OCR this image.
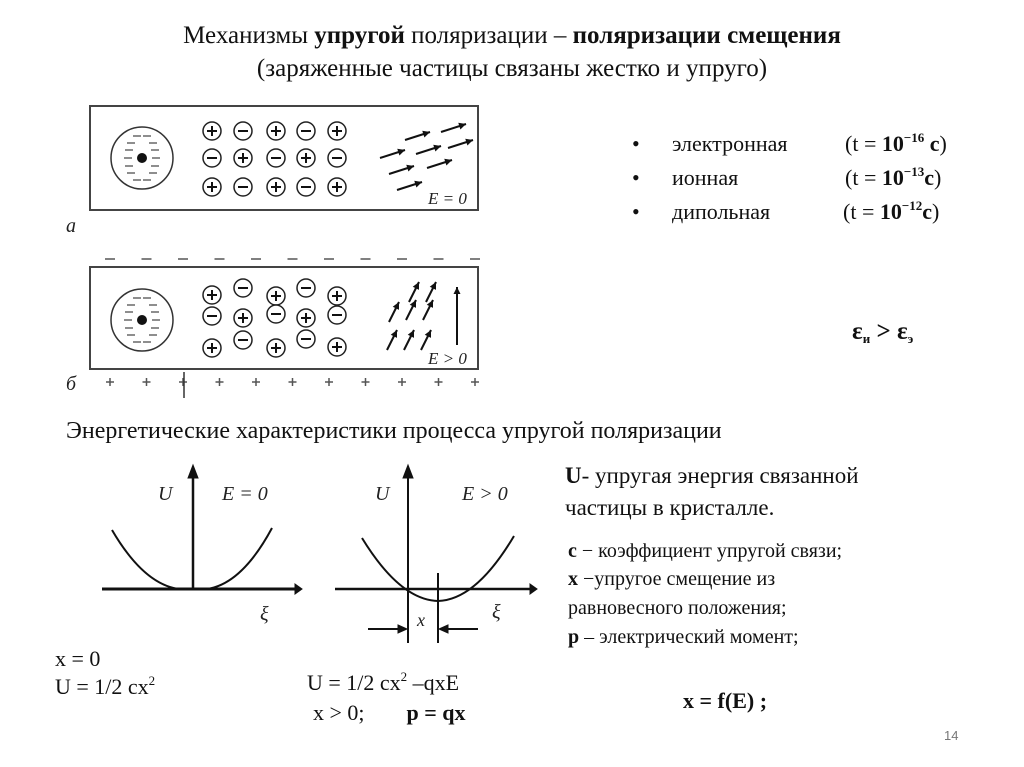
Механизмы упругой поляризации – поляризации смещения
(заряженные частицы связаны жестко и упруго)
a
б
E = 0
E > 0
U E = 0
ξ
U	E > 0
ξ
x
• электронная	($t = 10^{-16}$ с)
• ионная	$(t = 10^{-13}с)$
• дипольная	$(t = 10^{-12}с)$
$\varepsilon_и > \varepsilon_э$
Энергетические характеристики процесса упругой поляризации
x = 0
U = 1/2 $cx^2$	U = 1/2 $cx^2$ –qxE
x > 0; p = qx
U- упругая энергия связанной
частицы в кристалле.
с − коэффициент упругой связи;
x −упругое смещение из
равновесного положения;
p – электрический момент;
x = f(E) ;
14
